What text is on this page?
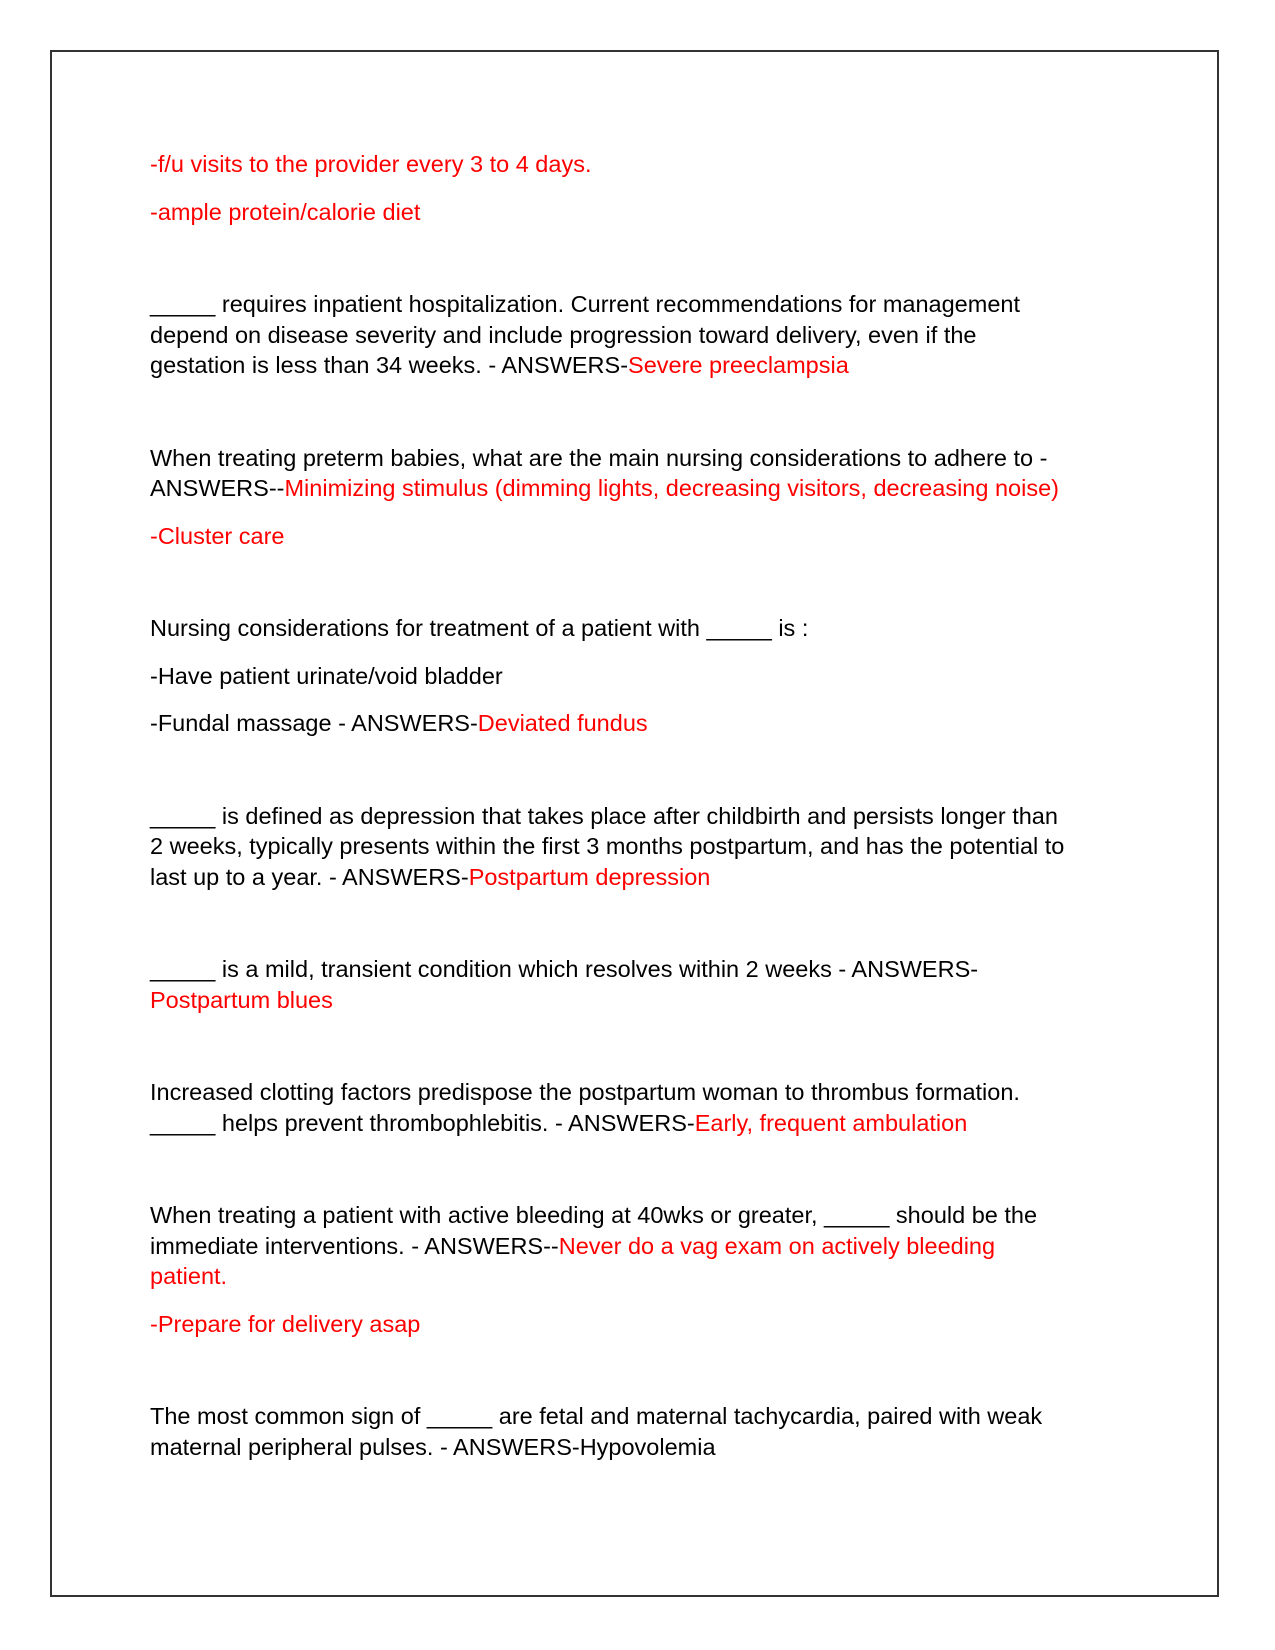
-f/u visits to the provider every 3 to 4 days.

-ample protein/calorie diet

_____ requires inpatient hospitalization. Current recommendations for management

depend on disease severity and include progression toward delivery, even if the

gestation is less than 34 weeks. - ANSWERS-Severe preeclampsia

When treating preterm babies, what are the main nursing considerations to adhere to -

ANSWERS--Minimizing stimulus (dimming lights, decreasing visitors, decreasing noise)

-Cluster care

Nursing considerations for treatment of a patient with _____ is :

-Have patient urinate/void bladder

-Fundal massage - ANSWERS-Deviated fundus

_____ is defined as depression that takes place after childbirth and persists longer than

2 weeks, typically presents within the first 3 months postpartum, and has the potential to

last up to a year. - ANSWERS-Postpartum depression

_____ is a mild, transient condition which resolves within 2 weeks - ANSWERS-

Postpartum blues

Increased clotting factors predispose the postpartum woman to thrombus formation.

_____ helps prevent thrombophlebitis. - ANSWERS-Early, frequent ambulation

When treating a patient with active bleeding at 40wks or greater, _____ should be the

immediate interventions. - ANSWERS--Never do a vag exam on actively bleeding

patient.

-Prepare for delivery asap

The most common sign of _____ are fetal and maternal tachycardia, paired with weak

maternal peripheral pulses. - ANSWERS-Hypovolemia
